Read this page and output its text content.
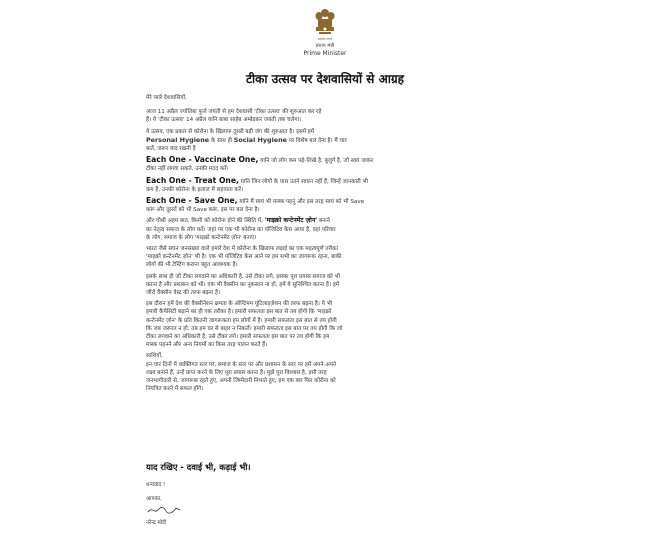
सत्यमेव जयते
प्रधान मंत्री
Prime Minister
टीका उत्सव पर देशवासियों से आग्रह

मेरे प्यारे देशवासियों,

आज 11 अप्रैल ज्योतिबा फुले जयंती से हम देशवासी 'टीका उत्सव' की शुरुआत कर रहे
हैं। ये 'टीका उत्सव' 14 अप्रैल यानि बाबा साहेब अम्बेडकर जयंती तक चलेगा।
ये उत्सव, एक प्रकार से कोरोना के खिलाफ दूसरी बड़ी जंग की शुरुआत है। इसमें हमें
Personal Hygiene के साथ ही Social Hygiene पर विशेष बल देना है। मैं चार
बातें, जरूर याद रखनी है
Each One - Vaccinate One, यानि जो लोग कम पढ़े-लिखे है, बुजुर्ग है, जो स्वयं जाकर
टीका नहीं लगवा सकते, उनकी मदद करें।
Each One - Treat One, यानि जिन लोगों के पास उतने साधन नहीं हैं, जिन्हें जानकारी भी
कम है, उनकी कोरोना के इलाज में सहायता करें।
Each One - Save One, यानि मैं स्वयं भी मास्क पहनूं और इस तरह स्वयं को भी Save
करूं और दूसरों को भी Save करूं, इस पर बल देना है।
और चौथी अहम बात, किसी को कोरोना होने की स्थिति में, 'माइक्रो कन्टेनमेंट ज़ोन' बनाने
का नेतृत्व समाज के लोग करें। जहां पर एक भी कोरोना का पॉजिटिव केस आया है, वहां परिवार
के लोग, समाज के लोग 'माइक्रो कन्टेनमेंट ज़ोन' बनाएं।
भारत जैसे सघन जनसंख्या वाले हमारे देश में कोरोना के खिलाफ लड़ाई का एक महत्वपूर्ण तरीका
'माइक्रो कन्टेनमेंट ज़ोन' भी है। एक भी पॉजिटिव केस आने पर हम सभी का जागरूक रहना, बाकी
लोगों की भी टेस्टिंग कराना बहुत आवश्यक है।
इसके साथ ही जो टीका लगवाने का अधिकारी है, उसे टीका लगे, इसका पूरा प्रयास समाज को भी
करना है और प्रशासन को भी। एक भी वैक्सीन का नुकसान ना हो, हमें ये सुनिश्चित करना है। हमें
जीरो वैक्सीन वेस्ट की तरफ बढ़ना है।
इस दौरान हमें देश की वैक्सीनेशन क्षमता के ऑप्टिमम यूटिलाइज़ेशन की तरफ बढ़ना है। ये भी
हमारी कैपेसिटी बढ़ाने का ही एक तरीका है। हमारी सफलता इस बात से तय होगी कि 'माइक्रो
कन्टेनमेंट ज़ोन' के प्रति कितनी जागरूकता हम लोगों में है। हमारी सफलता इस बात से तय होगी
कि जब जरूरत न हो, तब हम घर से बाहर न निकलें। हमारी सफलता इस बात पर तय होगी कि जो
टीका लगवाने का अधिकारी है, उसे टीका लगे। हमारी सफलता इस बात पर तय होगी कि हम
मास्क पहनने और अन्य नियमों का किस तरह पालन करते हैं।
साथियों,
इन चार दिनों में व्यक्तिगत स्तर पर, समाज के स्तर पर और प्रशासन के स्तर पर हमें अपने-अपने
लक्ष्य बनाने हैं, उन्हें प्राप्त करने के लिए पूरा प्रयास करना है। मुझे पूरा विश्वास है, इसी तरह
जनभागीदारी से, जागरूक रहते हुए, अपनी जिम्मेदारी निभाते हुए, हम एक बार फिर कोरोना को
नियंत्रित करने में सफल होंगे।
याद रखिए - दवाई भी, कड़ाई भी।
धन्यवाद !
आपका,
नरेन्द्र मोदी
